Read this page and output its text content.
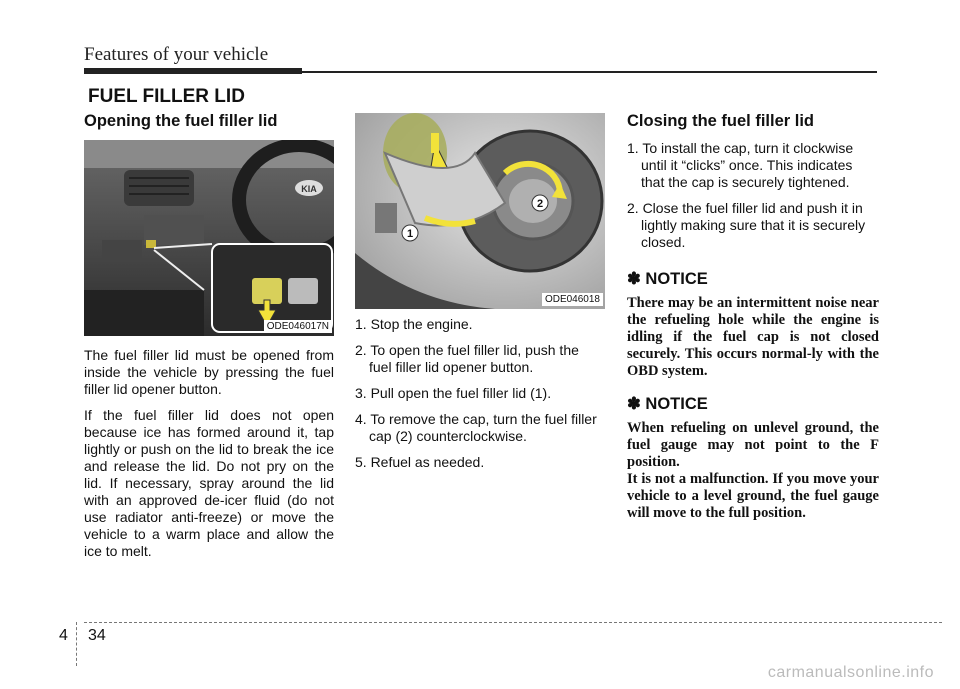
Features of your vehicle
FUEL FILLER LID
Opening the fuel filler lid
KIA
ODE046017N

The fuel filler lid must be opened from inside the vehicle by pressing the fuel filler lid opener button.

If the fuel filler lid does not open because ice has formed around it, tap lightly or push on the lid to break the ice and release the lid. Do not pry on the lid. If necessary, spray around the lid with an approved de-icer fluid (do not use radiator anti-freeze) or move the vehicle to a warm place and allow the ice to melt.

1
2
ODE046018
1. Stop the engine.
2. To open the fuel filler lid, push the fuel filler lid opener button.
3. Pull open the fuel filler lid (1).
4. To remove the cap, turn the fuel filler cap (2) counterclockwise.
5. Refuel as needed.
Closing the fuel filler lid
1. To install the cap, turn it clockwise until it “clicks” once. This indicates that the cap is securely tightened.
2. Close the fuel filler lid and push it in lightly making sure that it is securely closed.
✽ NOTICE

There may be an intermittent noise near the refueling hole while the engine is idling if the fuel cap is not closed securely. This occurs normal-ly with the OBD system.

✽ NOTICE

When refueling on unlevel ground, the fuel gauge may not point to the F position.

It is not a malfunction. If you move your vehicle to a level ground, the fuel gauge will move to the full position.

4 34
carmanualsonline.info
